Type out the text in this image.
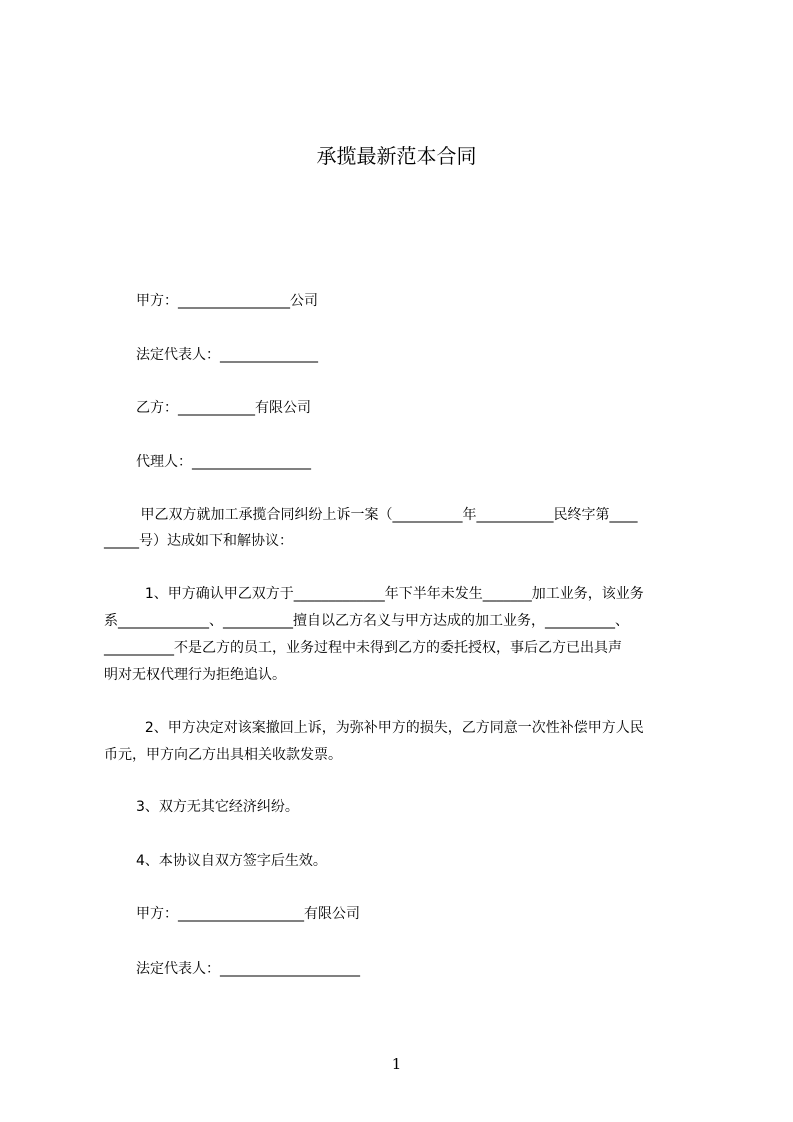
承揽最新范本合同
甲方：________________公司
法定代表人：______________
乙方：___________有限公司
代理人：_________________
甲乙双方就加工承揽合同纠纷上诉一案（__________年___________民终字第____
_____号）达成如下和解协议：
1、甲方确认甲乙双方于_____________年下半年未发生_______加工业务，该业务
系_____________、__________擅自以乙方名义与甲方达成的加工业务，__________、
__________不是乙方的员工，业务过程中未得到乙方的委托授权，事后乙方已出具声
明对无权代理行为拒绝追认。
2、甲方决定对该案撤回上诉，为弥补甲方的损失，乙方同意一次性补偿甲方人民
币元，甲方向乙方出具相关收款发票。
3、双方无其它经济纠纷。
4、本协议自双方签字后生效。
甲方：__________________有限公司
法定代表人：____________________
1
